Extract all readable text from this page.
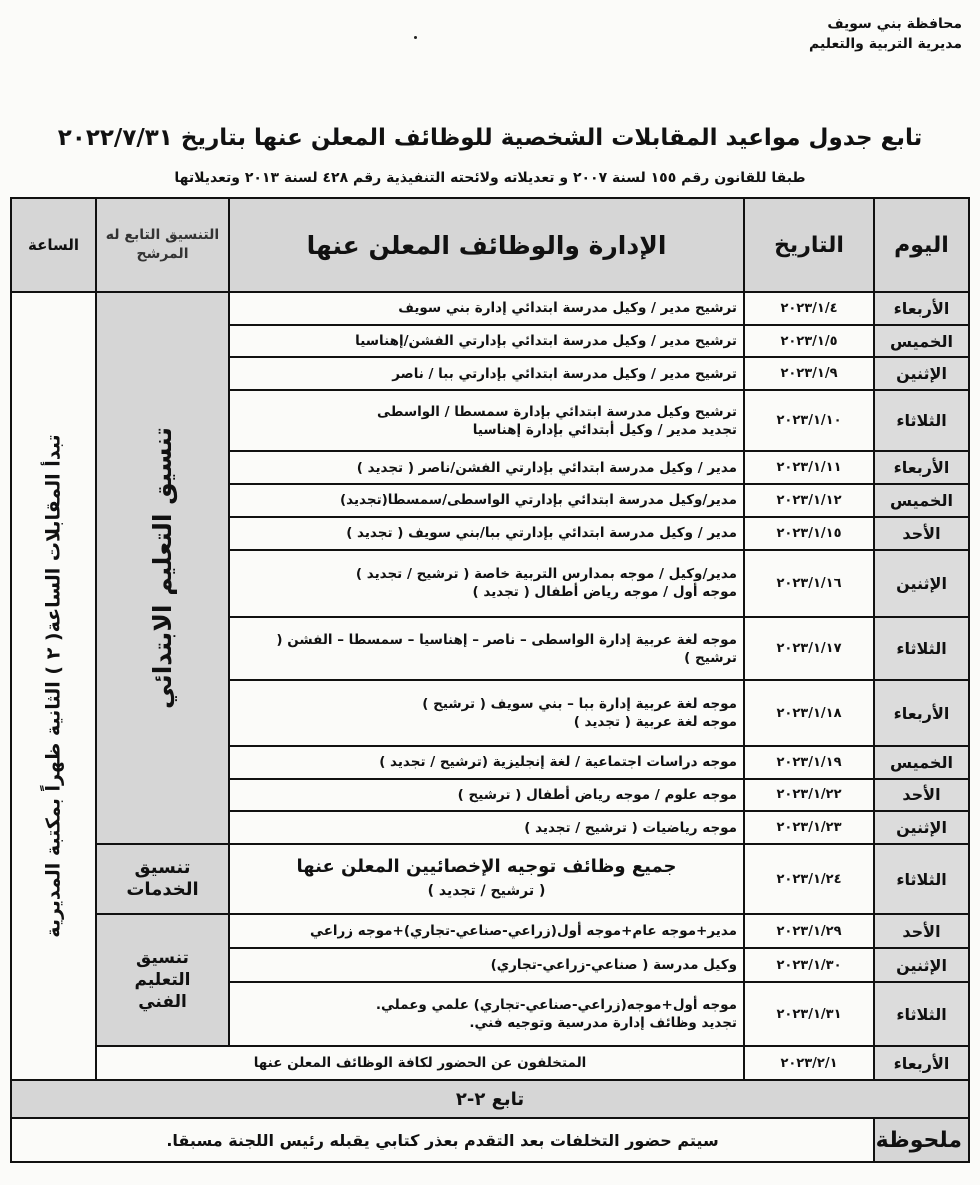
محافظة بني سويف
مديرية التربية والتعليم
تابع جدول مواعيد المقابلات الشخصية للوظائف المعلن عنها بتاريخ ٢٠٢٢/٧/٣١
طبقا للقانون رقم ١٥٥ لسنة ٢٠٠٧ و تعديلاته ولائحته التنفيذية رقم ٤٢٨ لسنة ٢٠١٣ وتعديلاتها
اليوم	التاريخ	الإدارة والوظائف المعلن عنها	التنسيق التابع له المرشح	الساعة
الأربعاء	٢٠٢٣/١/٤	ترشيح مدير / وكيل مدرسة ابتدائي إدارة بني سويف	تنسيق التعليم الابتدائي	تبدأ المقابلات الساعة( ٢ ) الثانية ظهراً بمكتبة المديرية

الخميس	٢٠٢٣/١/٥	ترشيح مدير / وكيل مدرسة ابتدائي بإدارتي الفشن/إهناسيا		
الإثنين	٢٠٢٣/١/٩	ترشيح مدير / وكيل مدرسة ابتدائي بإدارتي ببا / ناصر		
الثلاثاء	٢٠٢٣/١/١٠	ترشيح وكيل مدرسة ابتدائي بإدارة سمسطا / الواسطى
تجديد مدير / وكيل أبتدائي بإدارة إهناسيا		

الأربعاء	٢٠٢٣/١/١١	مدير / وكيل مدرسة ابتدائي بإدارتي الفشن/ناصر ( تجديد )		
الخميس	٢٠٢٣/١/١٢	مدير/وكيل مدرسة ابتدائي بإدارتي الواسطى/سمسطا(تجديد)		
الأحد	٢٠٢٣/١/١٥	مدير / وكيل مدرسة ابتدائي بإدارتي ببا/بني سويف ( تجديد )		
الإثنين	٢٠٢٣/١/١٦	مدير/وكيل / موجه بمدارس التربية خاصة ( ترشيح / تجديد )
موجه أول / موجه رياض أطفال ( تجديد )		

الثلاثاء	٢٠٢٣/١/١٧	موجه لغة عربية إدارة الواسطى – ناصر – إهناسيا – سمسطا – الفشن ( ترشيح )		
الأربعاء	٢٠٢٣/١/١٨	موجه لغة عربية إدارة ببا – بني سويف ( ترشيح )
موجه لغة عربية ( تجديد )		

الخميس	٢٠٢٣/١/١٩	موجه دراسات اجتماعية / لغة إنجليزية (ترشيح / تجديد )		
الأحد	٢٠٢٣/١/٢٢	موجه علوم / موجه رياض أطفال ( ترشيح )		
الإثنين	٢٠٢٣/١/٢٣	موجه رياضيات ( ترشيح / تجديد )		
الثلاثاء	٢٠٢٣/١/٢٤	جميع وظائف توجيه الإخصائيين المعلن عنها
( ترشيح / تجديد )	تنسيق الخدمات	
الأحد	٢٠٢٣/١/٢٩	مدير+موجه عام+موجه أول(زراعي-صناعي-تجاري)+موجه زراعي	تنسيق التعليم الفني	
الإثنين	٢٠٢٣/١/٣٠	وكيل مدرسة ( صناعي-زراعي-تجاري)		
الثلاثاء	٢٠٢٣/١/٣١	موجه أول+موجه(زراعي-صناعي-تجاري) علمي وعملي.
تجديد وظائف إدارة مدرسية وتوجيه فني.		

الأربعاء	٢٠٢٣/٢/١	المتخلفون عن الحضور لكافة الوظائف المعلن عنها		
تابع ٢-٢				
ملحوظة	سيتم حضور التخلفات بعد التقدم بعذر كتابي يقبله رئيس اللجنة مسبقا.			
